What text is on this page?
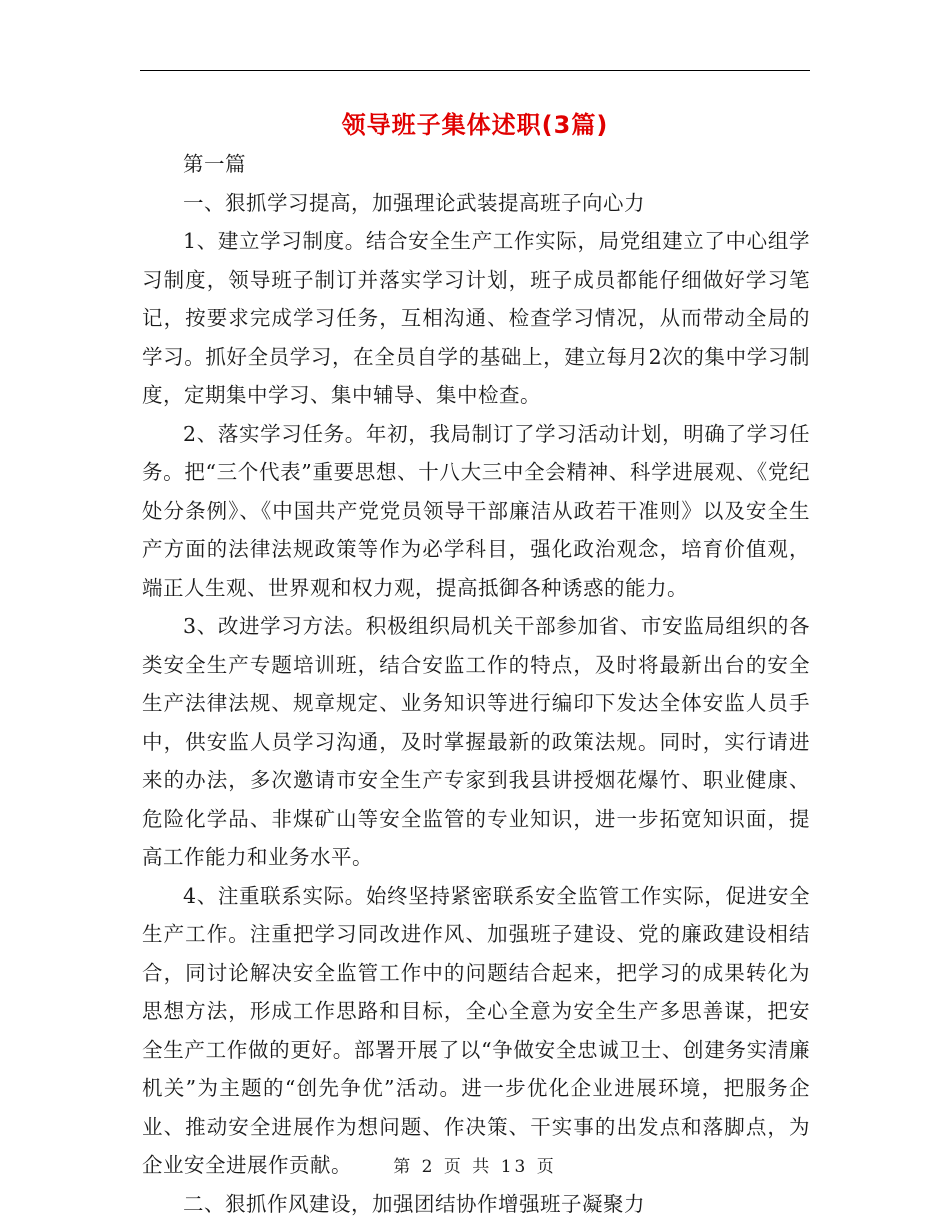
领导班子集体述职(3篇)

第一篇

一、狠抓学习提高，加强理论武装提高班子向心力

1、建立学习制度。结合安全生产工作实际，局党组建立了中心组学习制度，领导班子制订并落实学习计划，班子成员都能仔细做好学习笔记，按要求完成学习任务，互相沟通、检查学习情况，从而带动全局的学习。抓好全员学习，在全员自学的基础上，建立每月2次的集中学习制度，定期集中学习、集中辅导、集中检查。

2、落实学习任务。年初，我局制订了学习活动计划，明确了学习任务。把“三个代表”重要思想、十八大三中全会精神、科学进展观、《党纪处分条例》、《中国共产党党员领导干部廉洁从政若干准则》以及安全生产方面的法律法规政策等作为必学科目，强化政治观念，培育价值观，端正人生观、世界观和权力观，提高抵御各种诱惑的能力。

3、改进学习方法。积极组织局机关干部参加省、市安监局组织的各类安全生产专题培训班，结合安监工作的特点，及时将最新出台的安全生产法律法规、规章规定、业务知识等进行编印下发达全体安监人员手中，供安监人员学习沟通，及时掌握最新的政策法规。同时，实行请进来的办法，多次邀请市安全生产专家到我县讲授烟花爆竹、职业健康、危险化学品、非煤矿山等安全监管的专业知识，进一步拓宽知识面，提高工作能力和业务水平。

4、注重联系实际。始终坚持紧密联系安全监管工作实际，促进安全生产工作。注重把学习同改进作风、加强班子建设、党的廉政建设相结合，同讨论解决安全监管工作中的问题结合起来，把学习的成果转化为思想方法，形成工作思路和目标，全心全意为安全生产多思善谋，把安全生产工作做的更好。部署开展了以“争做安全忠诚卫士、创建务实清廉机关”为主题的“创先争优”活动。进一步优化企业进展环境，把服务企业、推动安全进展作为想问题、作决策、干实事的出发点和落脚点，为企业安全进展作贡献。

二、狠抓作风建设，加强团结协作增强班子凝聚力

第 2 页 共 13 页
